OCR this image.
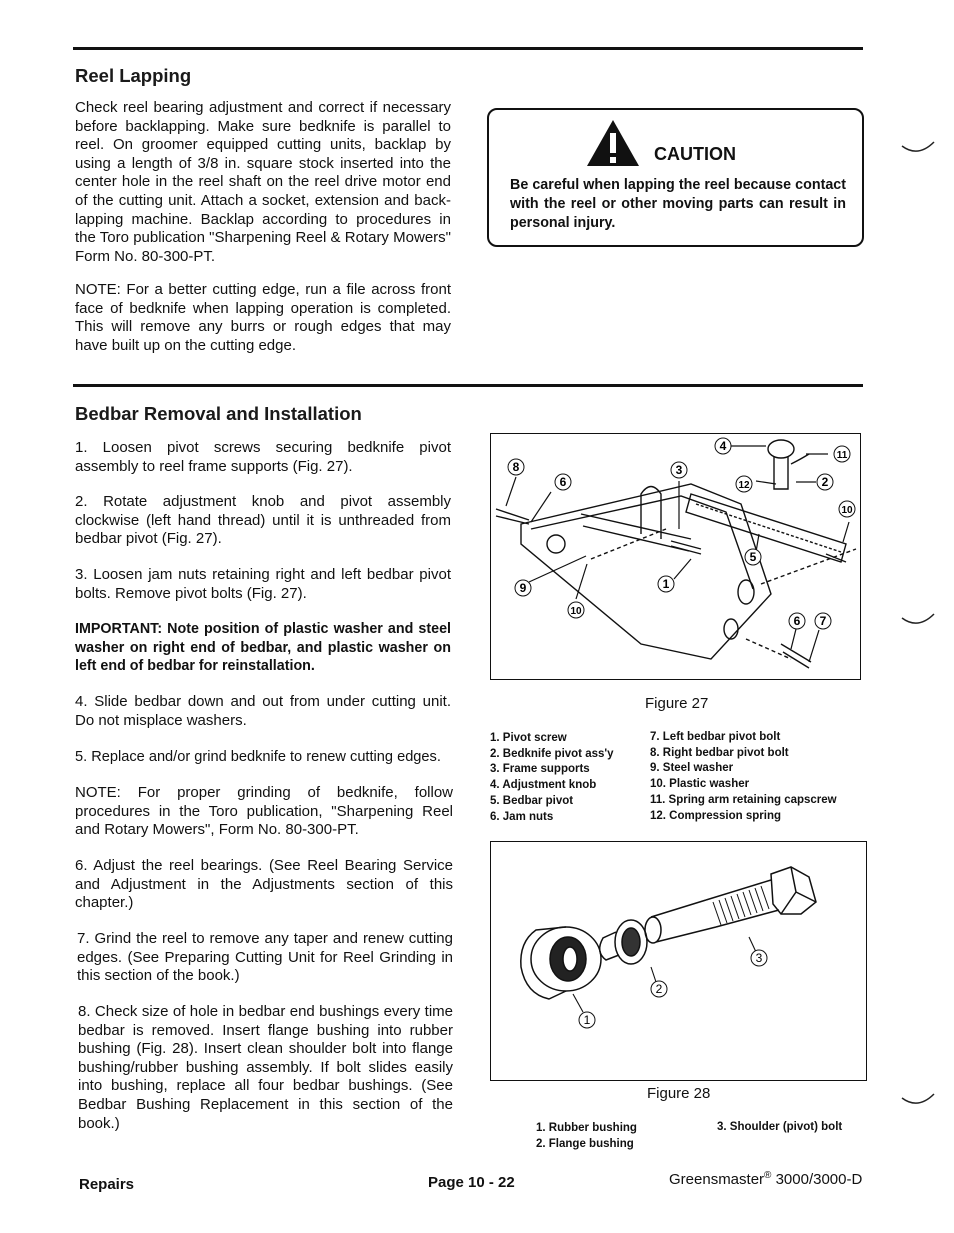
Reel Lapping

Check reel bearing adjustment and correct if necessary before backlapping. Make sure bedknife is parallel to reel. On groomer equipped cutting units, backlap by using a length of 3/8 in. square stock inserted into the center hole in the reel shaft on the reel drive motor end of the cutting unit. Attach a socket, extension and back-lapping machine. Backlap according to procedures in the Toro publication "Sharpening Reel & Rotary Mowers" Form No. 80-300-PT.

NOTE: For a better cutting edge, run a file across front face of bedknife when lapping operation is completed. This will remove any burrs or rough edges that may have built up on the cutting edge.

CAUTION

Be careful when lapping the reel because contact with the reel or other moving parts can result in personal injury.

Bedbar Removal and Installation

1. Loosen pivot screws securing bedknife pivot assembly to reel frame supports (Fig. 27).

2. Rotate adjustment knob and pivot assembly clockwise (left hand thread) until it is unthreaded from bedbar pivot (Fig. 27).

3. Loosen jam nuts retaining right and left bedbar pivot bolts. Remove pivot bolts (Fig. 27).

IMPORTANT: Note position of plastic washer and steel washer on right end of bedbar, and plastic washer on left end of bedbar for reinstallation.

4. Slide bedbar down and out from under cutting unit. Do not misplace washers.

5. Replace and/or grind bedknife to renew cutting edges.

NOTE: For proper grinding of bedknife, follow procedures in the Toro publication, "Sharpening Reel and Rotary Mowers", Form No. 80-300-PT.

6. Adjust the reel bearings. (See Reel Bearing Service and Adjustment in the Adjustments section of this chapter.)

7. Grind the reel to remove any taper and renew cutting edges. (See Preparing Cutting Unit for Reel Grinding in this section of the book.)

8. Check size of hole in bedbar end bushings every time bedbar is removed. Insert flange bushing into rubber bushing (Fig. 28). Insert clean shoulder bolt into flange bushing/rubber bushing assembly. If bolt slides easily into bushing, replace all four bedbar bushings. (See Bedbar Bushing Replacement in this section of the book.)

8
6
3
4
11
12	2
10
5
9	1
10
6 7
Figure 27
1. Pivot screw
2. Bedknife pivot ass'y
3. Frame supports
4. Adjustment knob
5. Bedbar pivot
6. Jam nuts
7. Left bedbar pivot bolt
8. Right bedbar pivot bolt
9. Steel washer
10. Plastic washer
11. Spring arm retaining capscrew
12. Compression spring
3
2
1
Figure 28
1. Rubber bushing
2. Flange bushing
3. Shoulder (pivot) bolt
Repairs	Page 10 - 22	Greensmaster® 3000/3000-D
